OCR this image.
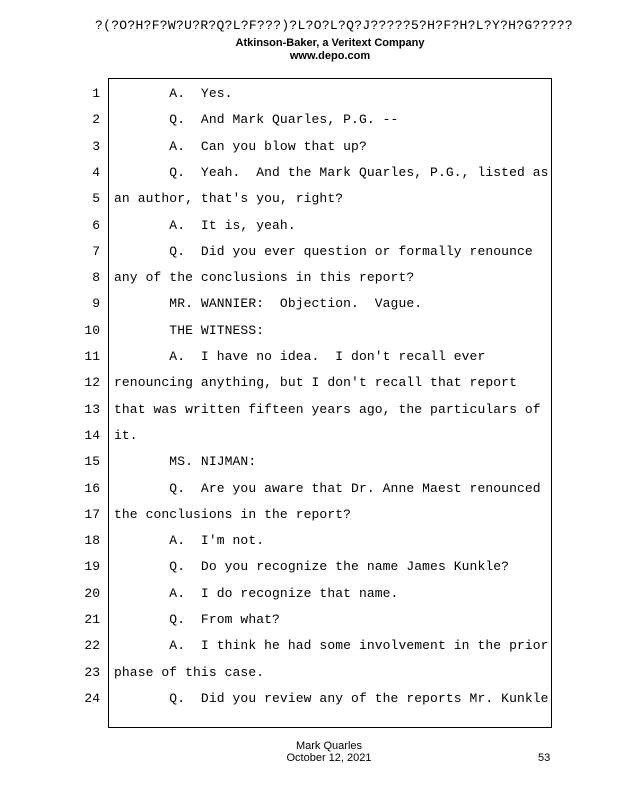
?(?O?H?F?W?U?R?Q?L?F???)?L?O?L?Q?J?????5?H?F?H?L?Y?H?G?????
Atkinson-Baker, a Veritext Company
www.depo.com
1 A.  Yes.
2 Q.  And Mark Quarles, P.G. --
3 A.  Can you blow that up?
4 Q.  Yeah.  And the Mark Quarles, P.G., listed as
5 an author, that's you, right?
6 A.  It is, yeah.
7 Q.  Did you ever question or formally renounce
8 any of the conclusions in this report?
9 MR. WANNIER:  Objection.  Vague.
10 THE WITNESS:
11 A.  I have no idea.  I don't recall ever
12 renouncing anything, but I don't recall that report
13 that was written fifteen years ago, the particulars of
14 it.
15 MS. NIJMAN:
16 Q.  Are you aware that Dr. Anne Maest renounced
17 the conclusions in the report?
18 A.  I'm not.
19 Q.  Do you recognize the name James Kunkle?
20 A.  I do recognize that name.
21 Q.  From what?
22 A.  I think he had some involvement in the prior
23 phase of this case.
24 Q.  Did you review any of the reports Mr. Kunkle
Mark Quarles
October 12, 2021	53
